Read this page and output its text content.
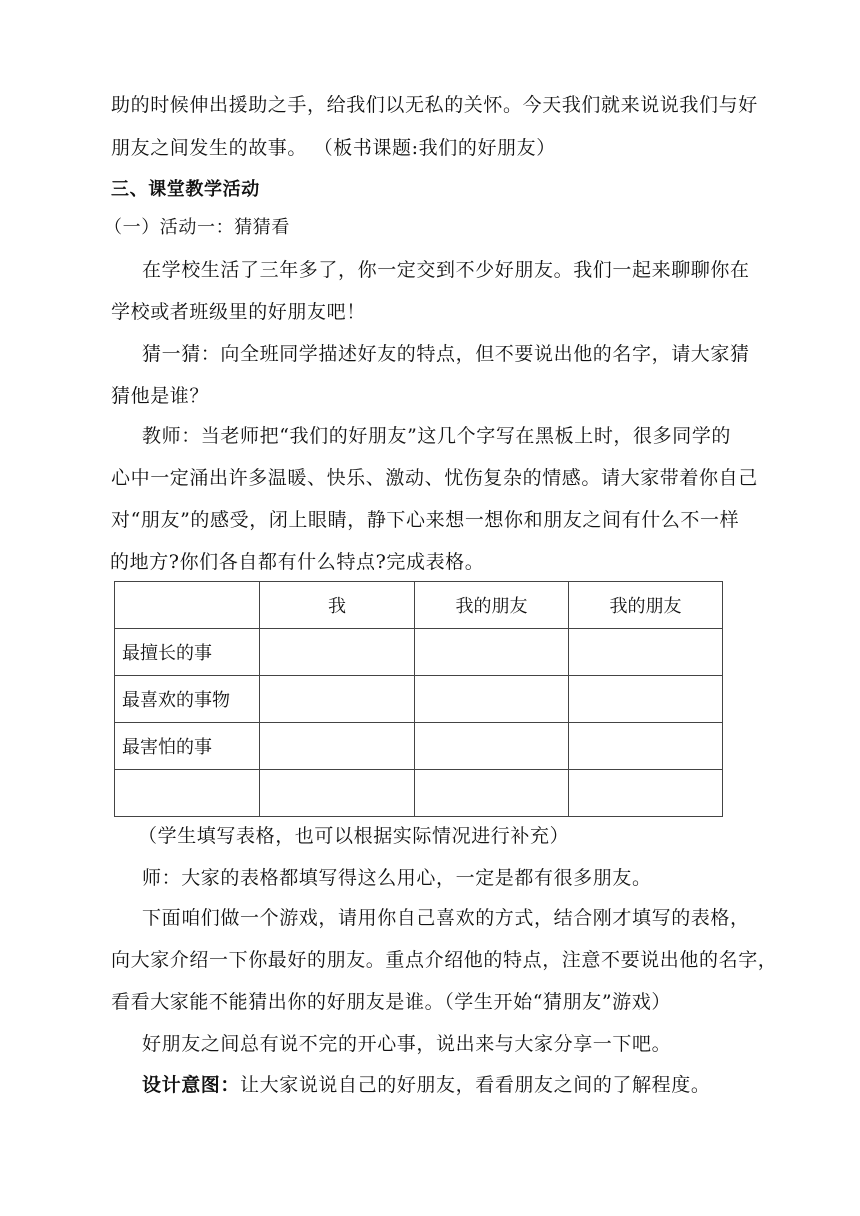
助的时候伸出援助之手，给我们以无私的关怀。今天我们就来说说我们与好
朋友之间发生的故事。 （板书课题:我们的好朋友）
三、课堂教学活动
（一）活动一：猜猜看
在学校生活了三年多了，你一定交到不少好朋友。我们一起来聊聊你在
学校或者班级里的好朋友吧！
猜一猜：向全班同学描述好友的特点，但不要说出他的名字，请大家猜
猜他是谁？
教师：当老师把“我们的好朋友”这几个字写在黑板上时，很多同学的
心中一定涌出许多温暖、快乐、激动、忧伤复杂的情感。请大家带着你自己
对“朋友”的感受，闭上眼睛，静下心来想一想你和朋友之间有什么不一样
的地方?你们各自都有什么特点?完成表格。
	我	我的朋友	我的朋友
最擅长的事			
最喜欢的事物			
最害怕的事			

（学生填写表格，也可以根据实际情况进行补充）
师：大家的表格都填写得这么用心，一定是都有很多朋友。
下面咱们做一个游戏，请用你自己喜欢的方式，结合刚才填写的表格，
向大家介绍一下你最好的朋友。重点介绍他的特点，注意不要说出他的名字，
看看大家能不能猜出你的好朋友是谁。（学生开始“猜朋友”游戏）
好朋友之间总有说不完的开心事，说出来与大家分享一下吧。
设计意图：让大家说说自己的好朋友，看看朋友之间的了解程度。
